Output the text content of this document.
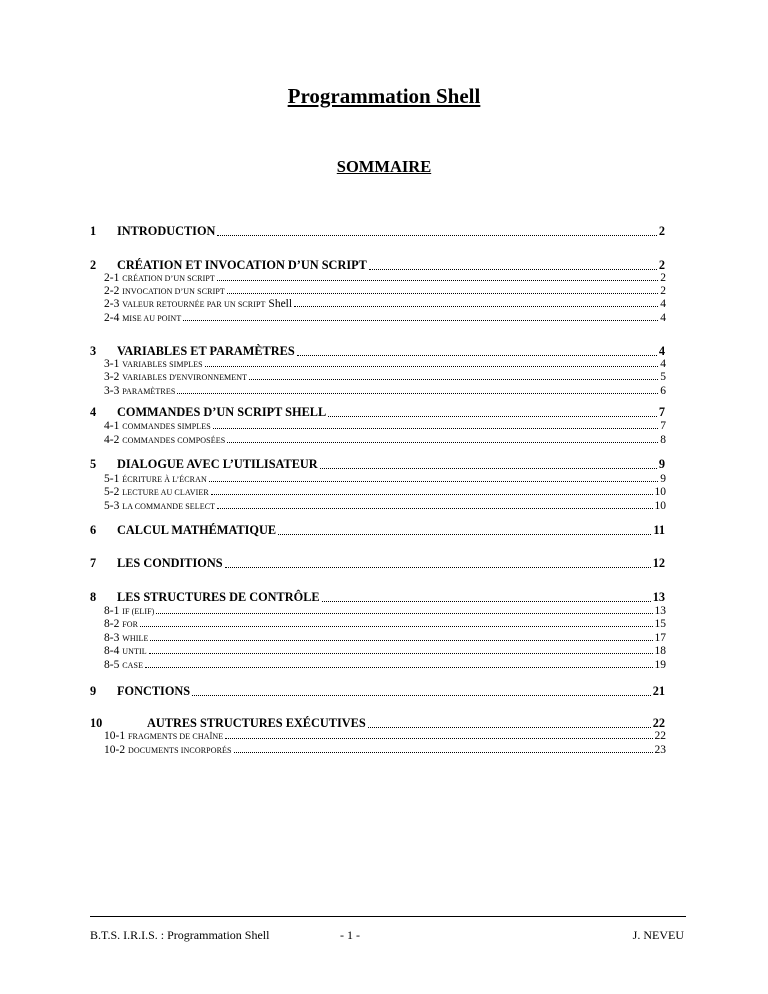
Programmation Shell
SOMMAIRE
1 INTRODUCTION	2
2 CRÉATION ET INVOCATION D’UN SCRIPT	2
2-1 CRÉATION D’UN SCRIPT	2
2-2 INVOCATION D’UN SCRIPT	2
2-3 VALEUR RETOURNÉE PAR UN SCRIPT Shell	4
2-4 MISE AU POINT	4
3 VARIABLES ET PARAMÈTRES	4
3-1 VARIABLES SIMPLES	4
3-2 VARIABLES D'ENVIRONNEMENT	5
3-3 PARAMÈTRES	6
4 COMMANDES D’UN SCRIPT SHELL	7
4-1 COMMANDES SIMPLES	7
4-2 COMMANDES COMPOSÉES	8
5 DIALOGUE AVEC L’UTILISATEUR	9
5-1 ÉCRITURE À L’ÉCRAN	9
5-2 LECTURE AU CLAVIER	10
5-3 LA COMMANDE SELECT	10
6 CALCUL MATHÉMATIQUE	11
7 LES CONDITIONS	12
8 LES STRUCTURES DE CONTRÔLE	13
8-1 IF (ELIF)	13
8-2 FOR	15
8-3 WHILE	17
8-4 UNTIL	18
8-5 CASE	19
9 FONCTIONS	21
10	AUTRES STRUCTURES EXÉCUTIVES	22
10-1 FRAGMENTS DE CHAÎNE	22
10-2 DOCUMENTS INCORPORÉS	23
B.T.S. I.R.I.S. : Programmation Shell	- 1 -	J. NEVEU
